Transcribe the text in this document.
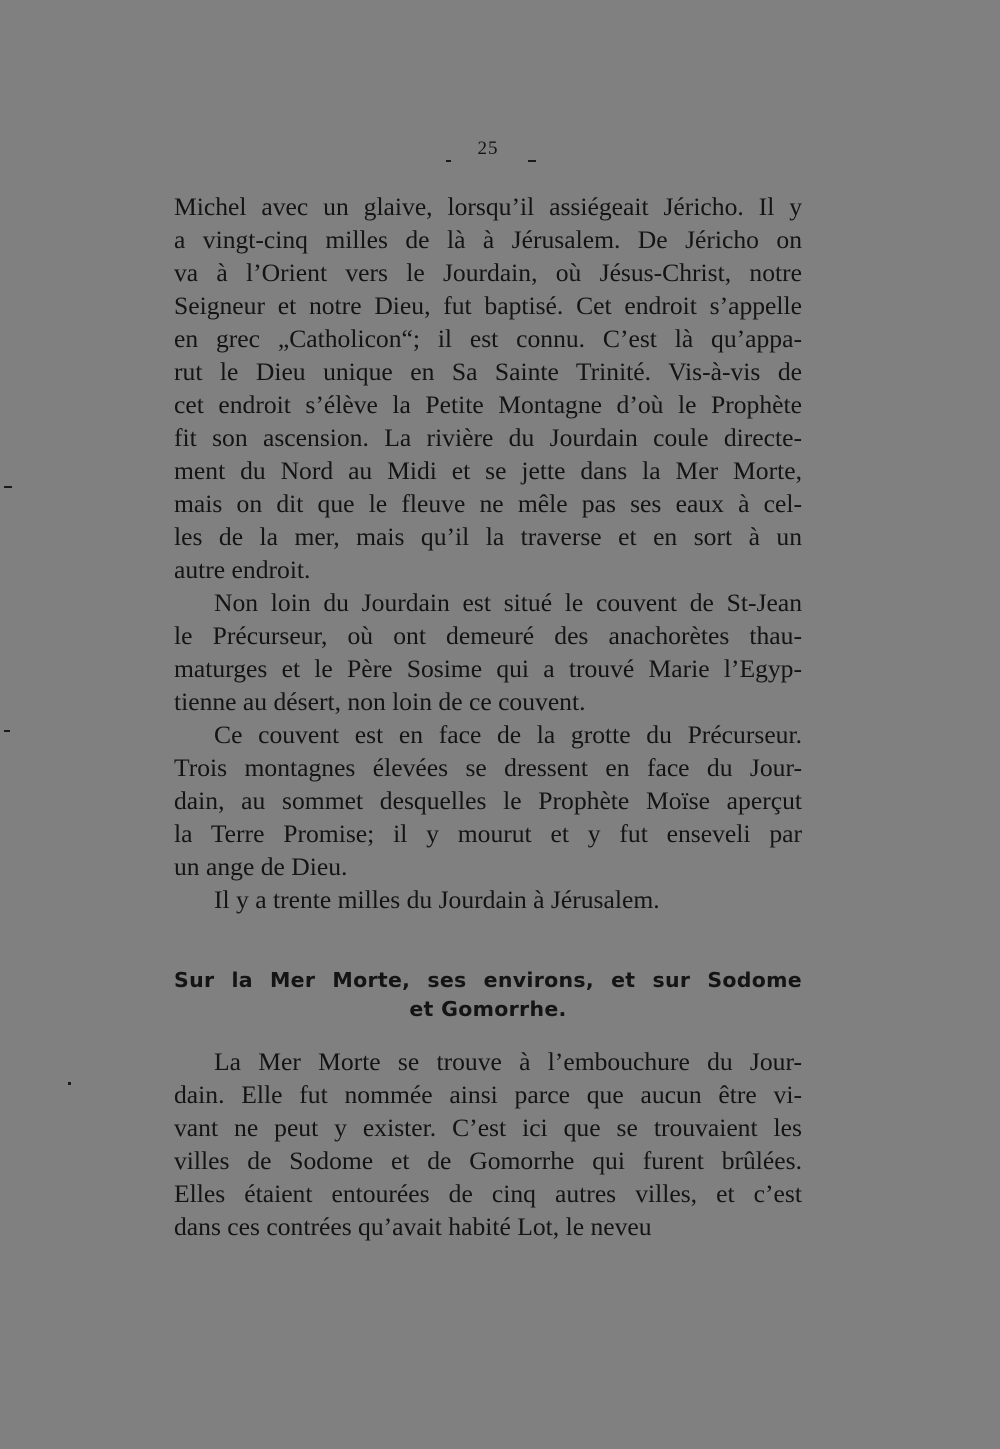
25
Michel avec un glaive, lorsqu’il assiégeait Jéricho. Il y
a vingt-cinq milles de là à Jérusalem. De Jéricho on
va à l’Orient vers le Jourdain, où Jésus-Christ, notre
Seigneur et notre Dieu, fut baptisé. Cet endroit s’appelle
en grec „Catholicon“; il est connu. C’est là qu’appa-
rut le Dieu unique en Sa Sainte Trinité. Vis-à-vis de
cet endroit s’élève la Petite Montagne d’où le Prophète
fit son ascension. La rivière du Jourdain coule directe-
ment du Nord au Midi et se jette dans la Mer Morte,
mais on dit que le fleuve ne mêle pas ses eaux à cel-
les de la mer, mais qu’il la traverse et en sort à un
autre endroit.
Non loin du Jourdain est situé le couvent de St-Jean
le Précurseur, où ont demeuré des anachorètes thau-
maturges et le Père Sosime qui a trouvé Marie l’Egyp-
tienne au désert, non loin de ce couvent.
Ce couvent est en face de la grotte du Précurseur.
Trois montagnes élevées se dressent en face du Jour-
dain, au sommet desquelles le Prophète Moïse aperçut
la Terre Promise; il y mourut et y fut enseveli par
un ange de Dieu.
Il y a trente milles du Jourdain à Jérusalem.
Sur la Mer Morte, ses environs, et sur Sodome
et Gomorrhe.
La Mer Morte se trouve à l’embouchure du Jour-
dain. Elle fut nommée ainsi parce que aucun être vi-
vant ne peut y exister. C’est ici que se trouvaient les
villes de Sodome et de Gomorrhe qui furent brûlées.
Elles étaient entourées de cinq autres villes, et c’est
dans ces contrées qu’avait habité Lot, le neveu
